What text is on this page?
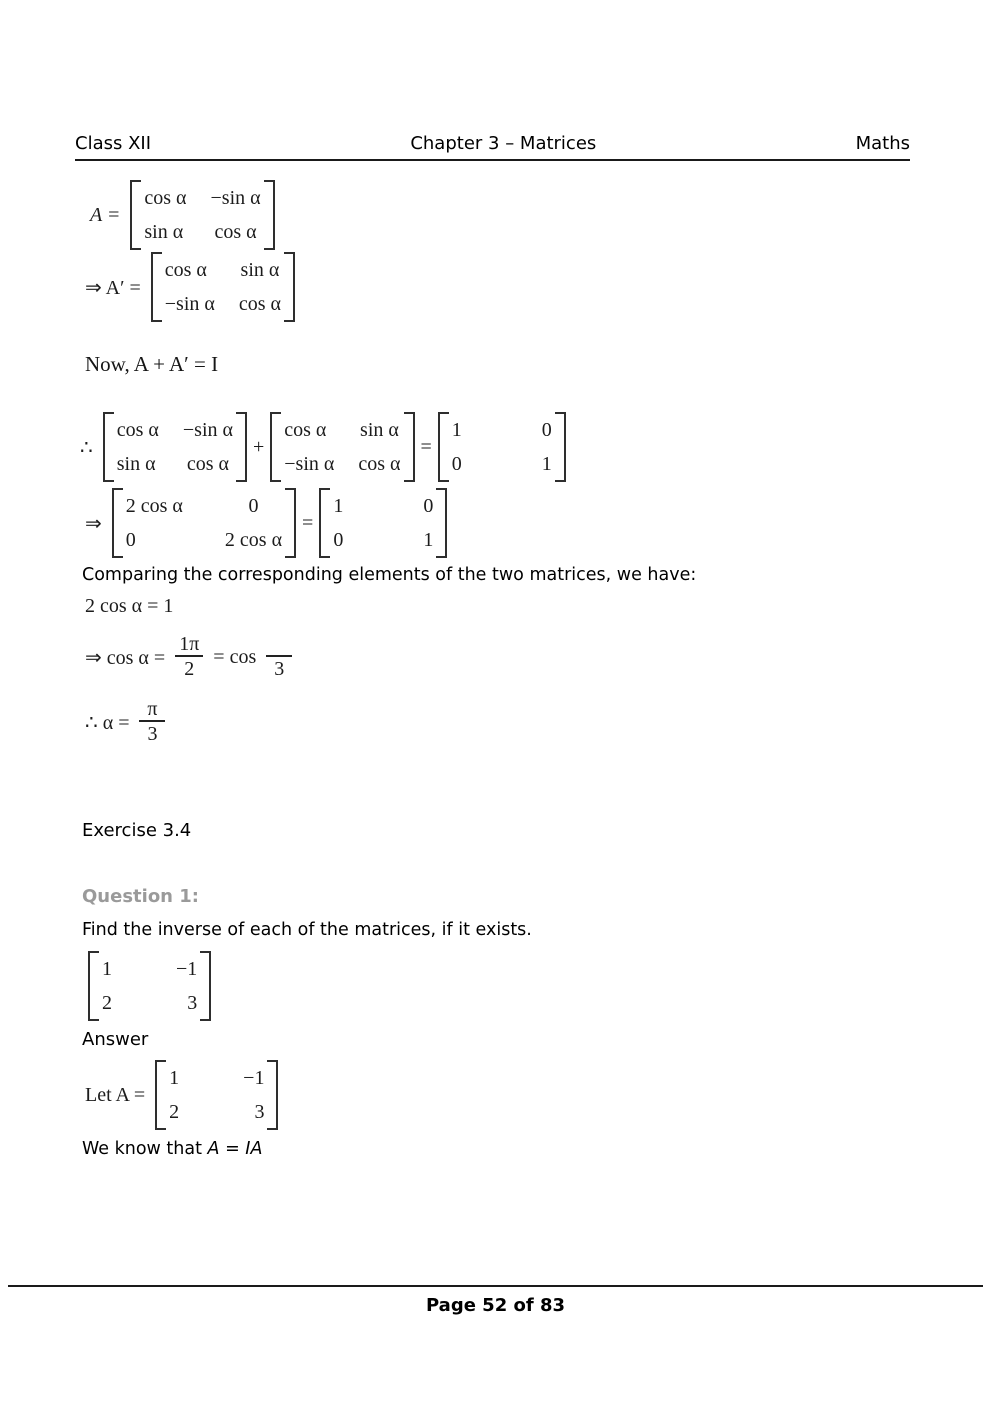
Class XII	Chapter 3 – Matrices	Maths
A =
cos α −sin α
sin α cos α
⇒ A′ =
cos α	sin α
−sin α cos α
Now, A + A′ = I
∴
cos α −sin α
sin α cos α
+
cos α	sin α
−sin α cos α
=
1	0
0	1
⇒
2 cos α	0
0	2 cos α
=
1	0
0	1
Comparing the corresponding elements of the two matrices, we have:
2 cos α = 1
⇒ $\cos \alpha = \frac{1\pi}{2} = \cos$
3
∴ $\alpha = \frac{\pi}{3}$
Exercise 3.4
Question 1:
Find the inverse of each of the matrices, if it exists.
1	−1
2	3
Answer
Let A =
1	−1
2	3
We know that A = IA
Page 52 of 83
